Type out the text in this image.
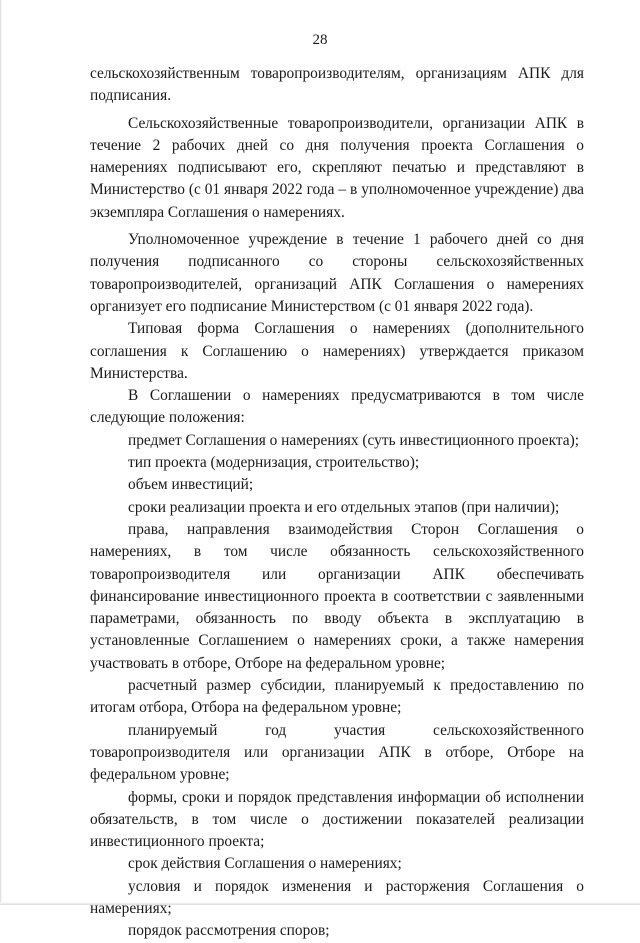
28

сельскохозяйственным товаропроизводителям, организациям АПК для подписания.

Сельскохозяйственные товаропроизводители, организации АПК в течение 2 рабочих дней со дня получения проекта Соглашения о намерениях подписывают его, скрепляют печатью и представляют в Министерство (с 01 января 2022 года – в уполномоченное учреждение) два экземпляра Соглашения о намерениях.

Уполномоченное учреждение в течение 1 рабочего дней со дня получения подписанного со стороны сельскохозяйственных товаропроизводителей, организаций АПК Соглашения о намерениях организует его подписание Министерством (с 01 января 2022 года).

Типовая форма Соглашения о намерениях (дополнительного соглашения к Соглашению о намерениях) утверждается приказом Министерства.

В Соглашении о намерениях предусматриваются в том числе следующие положения:

предмет Соглашения о намерениях (суть инвестиционного проекта);

тип проекта (модернизация, строительство);

объем инвестиций;

сроки реализации проекта и его отдельных этапов (при наличии);

права, направления взаимодействия Сторон Соглашения о намерениях, в том числе обязанность сельскохозяйственного товаропроизводителя или организации АПК обеспечивать финансирование инвестиционного проекта в соответствии с заявленными параметрами, обязанность по вводу объекта в эксплуатацию в установленные Соглашением о намерениях сроки, а также намерения участвовать в отборе, Отборе на федеральном уровне;

расчетный размер субсидии, планируемый к предоставлению по итогам отбора, Отбора на федеральном уровне;

планируемый год участия сельскохозяйственного товаропроизводителя или организации АПК в отборе, Отборе на федеральном уровне;

формы, сроки и порядок представления информации об исполнении обязательств, в том числе о достижении показателей реализации инвестиционного проекта;

срок действия Соглашения о намерениях;

условия и порядок изменения и расторжения Соглашения о намерениях;

порядок рассмотрения споров;
